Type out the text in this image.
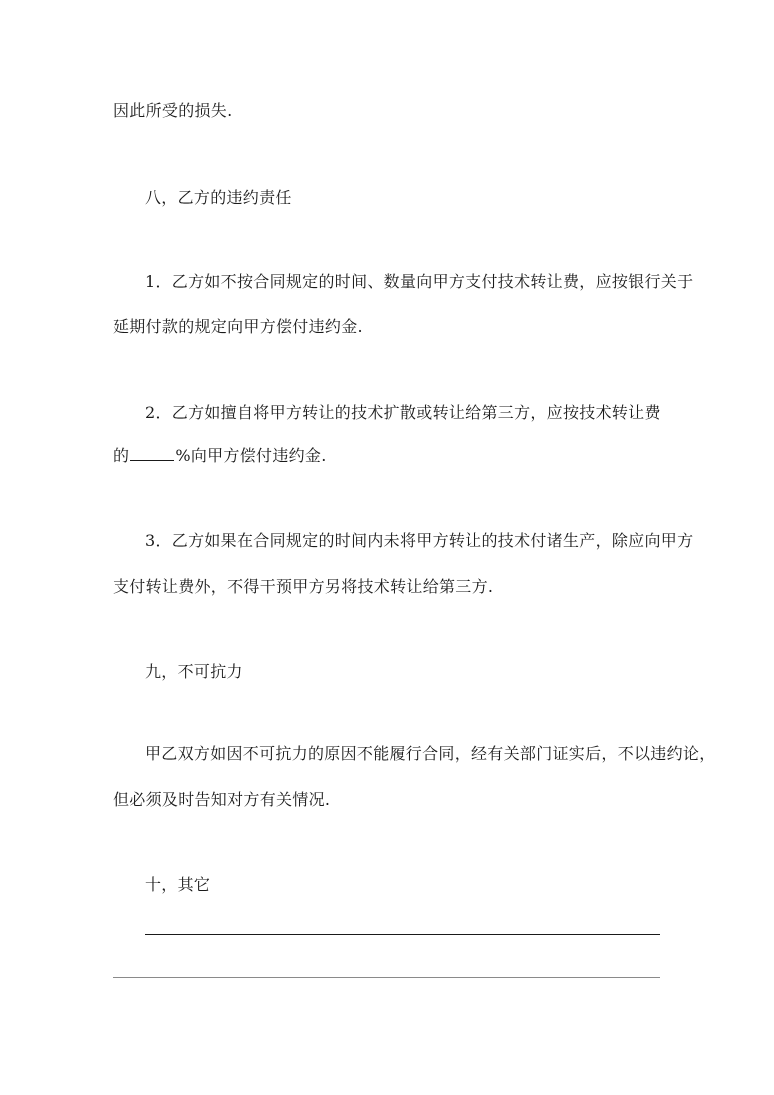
因此所受的损失.
八，乙方的违约责任
1．乙方如不按合同规定的时间、数量向甲方支付技术转让费，应按银行关于
延期付款的规定向甲方偿付违约金.
2．乙方如擅自将甲方转让的技术扩散或转让给第三方，应按技术转让费
的	%向甲方偿付违约金.
3．乙方如果在合同规定的时间内未将甲方转让的技术付诸生产，除应向甲方
支付转让费外，不得干预甲方另将技术转让给第三方.
九，不可抗力
甲乙双方如因不可抗力的原因不能履行合同，经有关部门证实后，不以违约论，
但必须及时告知对方有关情况.
十，其它
